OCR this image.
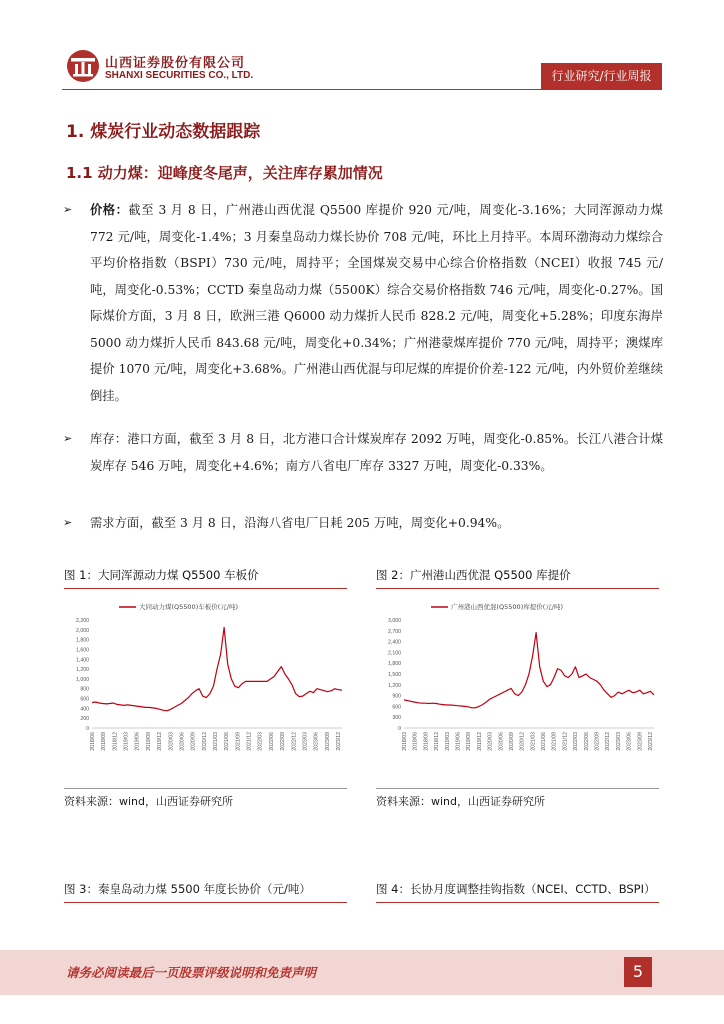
山西证券股份有限公司
SHANXI SECURITIES CO., LTD.	行业研究/行业周报
1. 煤炭行业动态数据跟踪
1.1 动力煤：迎峰度冬尾声，关注库存累加情况
➢ 价格：截至 3 月 8 日，广州港山西优混 Q5500 库提价 920 元/吨，周变化-3.16%；大同浑源动力煤 772 元/吨，周变化-1.4%；3 月秦皇岛动力煤长协价 708 元/吨，环比上月持平。本周环渤海动力煤综合平均价格指数（BSPI）730 元/吨，周持平；全国煤炭交易中心综合价格指数（NCEI）收报 745 元/吨，周变化-0.53%；CCTD 秦皇岛动力煤（5500K）综合交易价格指数 746 元/吨，周变化-0.27%。国际煤价方面，3 月 8 日，欧洲三港 Q6000 动力煤折人民币 828.2 元/吨，周变化+5.28%；印度东海岸 5000 动力煤折人民币 843.68 元/吨，周变化+0.34%；广州港蒙煤库提价 770 元/吨，周持平；澳煤库提价 1070 元/吨，周变化+3.68%。广州港山西优混与印尼煤的库提价价差-122 元/吨，内外贸价差继续倒挂。
➢ 库存：港口方面，截至 3 月 8 日，北方港口合计煤炭库存 2092 万吨，周变化-0.85%。长江八港合计煤炭库存 546 万吨，周变化+4.6%；南方八省电厂库存 3327 万吨，周变化-0.33%。
➢ 需求方面，截至 3 月 8 日，沿海八省电厂日耗 205 万吨，周变化+0.94%。
图 1：大同浑源动力煤 Q5500 车板价	图 2：广州港山西优混 Q5500 库提价
0
200
400
600
800
1,000
1,200
1,400
1,600
1,800
2,000
2,200
2018/06 2018/09 2018/12 2019/03 2019/06 2019/09 2019/12 2020/03 2020/06 2020/09 2020/12 2021/03 2021/06 2021/09 2021/12 2022/03 2022/06 2022/09 2022/12 2023/03 2023/06 2023/09 2023/12
大同动力煤(Q5500)车板价(元/吨)
0
300
600
900
1,200
1,500
1,800
2,100
2,400
2,700
3,000
2018/03 2018/06 2018/09 2018/12 2019/03 2019/06 2019/09 2019/12 2020/03 2020/06 2020/09 2020/12 2021/03 2021/06 2021/09 2021/12 2022/03 2022/06 2022/09 2022/12 2023/03 2023/06 2023/09 2023/12
广州港山西优混(Q5500)库提价(元/吨)
资料来源：wind，山西证券研究所	资料来源：wind，山西证券研究所
图 3：秦皇岛动力煤 5500 年度长协价（元/吨）	图 4：长协月度调整挂钩指数（NCEI、CCTD、BSPI）
请务必阅读最后一页股票评级说明和免责声明	5
